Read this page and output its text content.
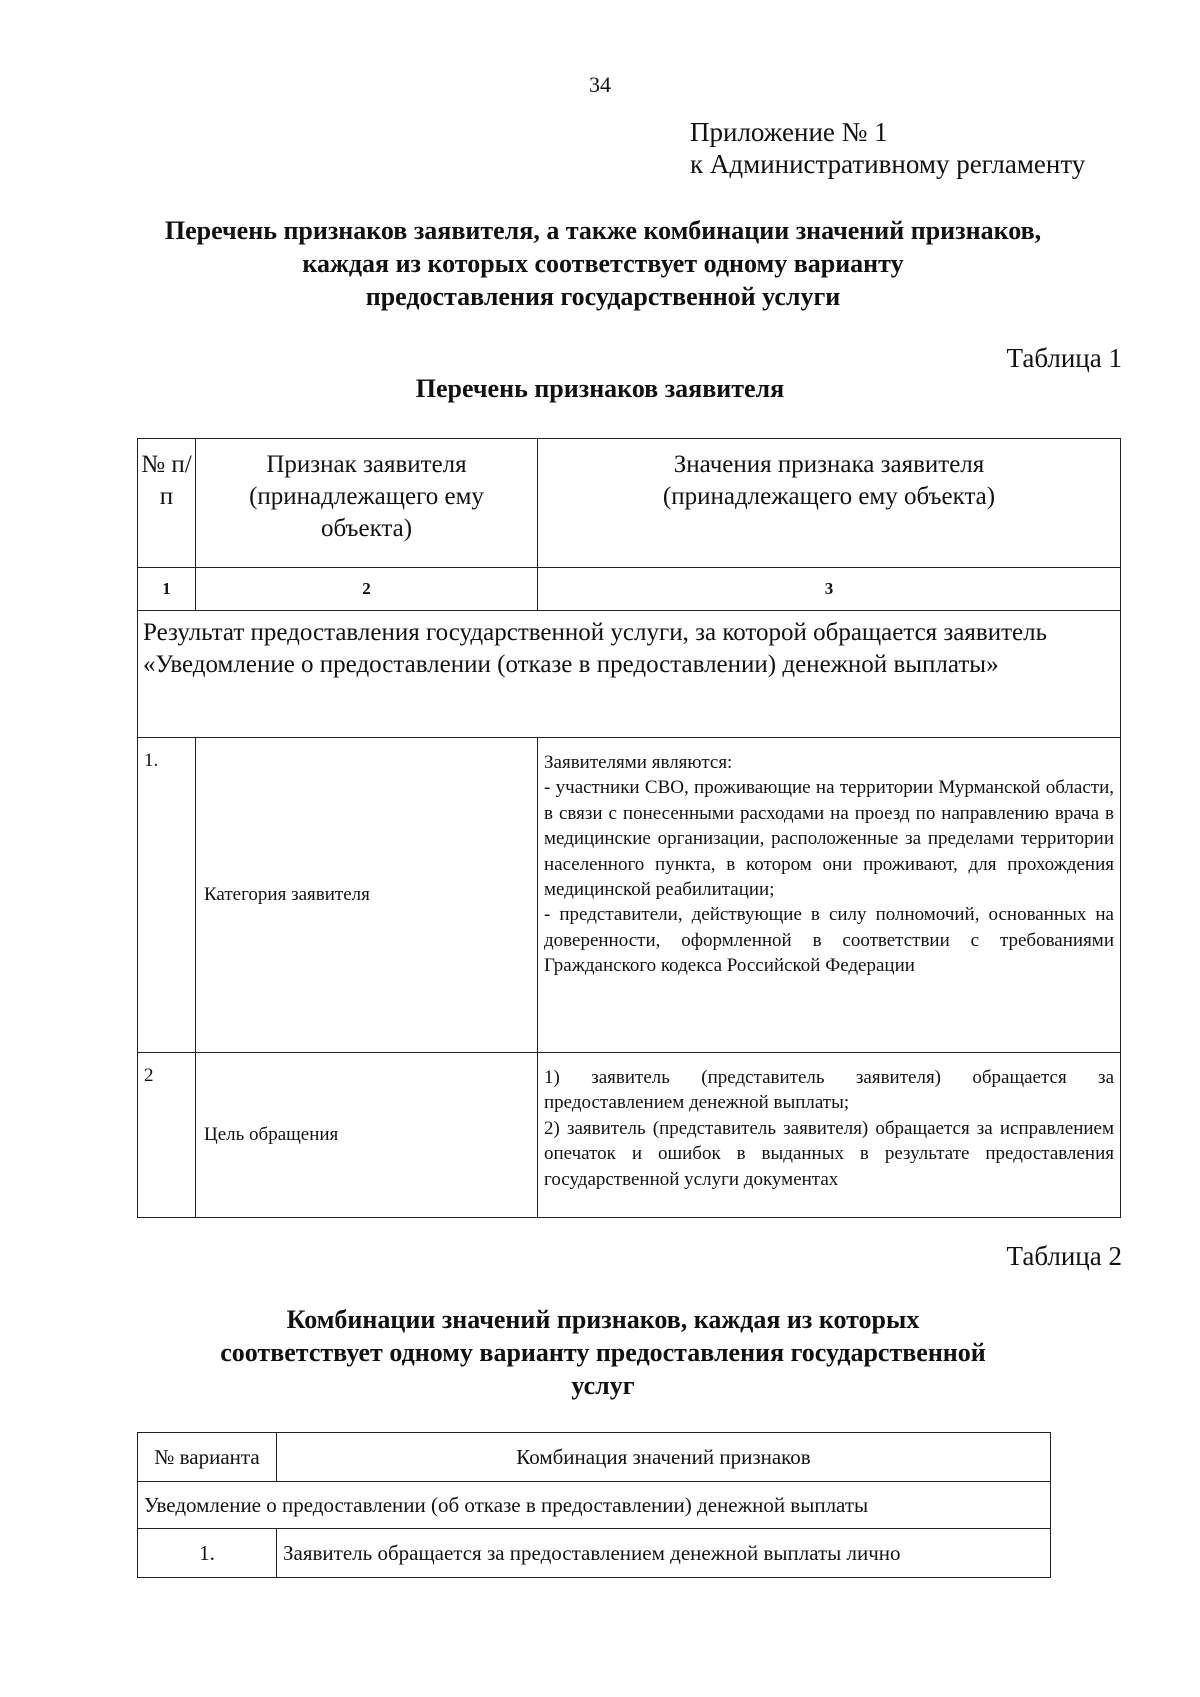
34
Приложение № 1
к Административному регламенту
Перечень признаков заявителя, а также комбинации значений признаков,
каждая из которых соответствует одному варианту
предоставления государственной услуги
Таблица 1
Перечень признаков заявителя
№ п/п	Признак заявителя (принадлежащего ему объекта)	Значения признака заявителя (принадлежащего ему объекта)
1	2	3
Результат предоставления государственной услуги, за которой обращается заявитель «Уведомление о предоставлении (отказе в предоставлении) денежной выплаты»		
1.	Категория заявителя	Заявителями являются:
- участники СВО, проживающие на территории Мурманской области, в связи с понесенными расходами на проезд по направлению врача в медицинские организации, расположенные за пределами территории населенного пункта, в котором они проживают, для прохождения медицинской реабилитации;
- представители, действующие в силу полномочий, основанных на доверенности, оформленной в соответствии с требованиями Гражданского кодекса Российской Федерации

2	Цель обращения	1) заявитель (представитель заявителя) обращается за предоставлением денежной выплаты;
2) заявитель (представитель заявителя) обращается за исправлением опечаток и ошибок в выданных в результате предоставления государственной услуги документах
Таблица 2
Комбинации значений признаков, каждая из которых
соответствует одному варианту предоставления государственной
услуг
№ варианта	Комбинация значений признаков
Уведомление о предоставлении (об отказе в предоставлении) денежной выплаты	
1.	Заявитель обращается за предоставлением денежной выплаты лично
